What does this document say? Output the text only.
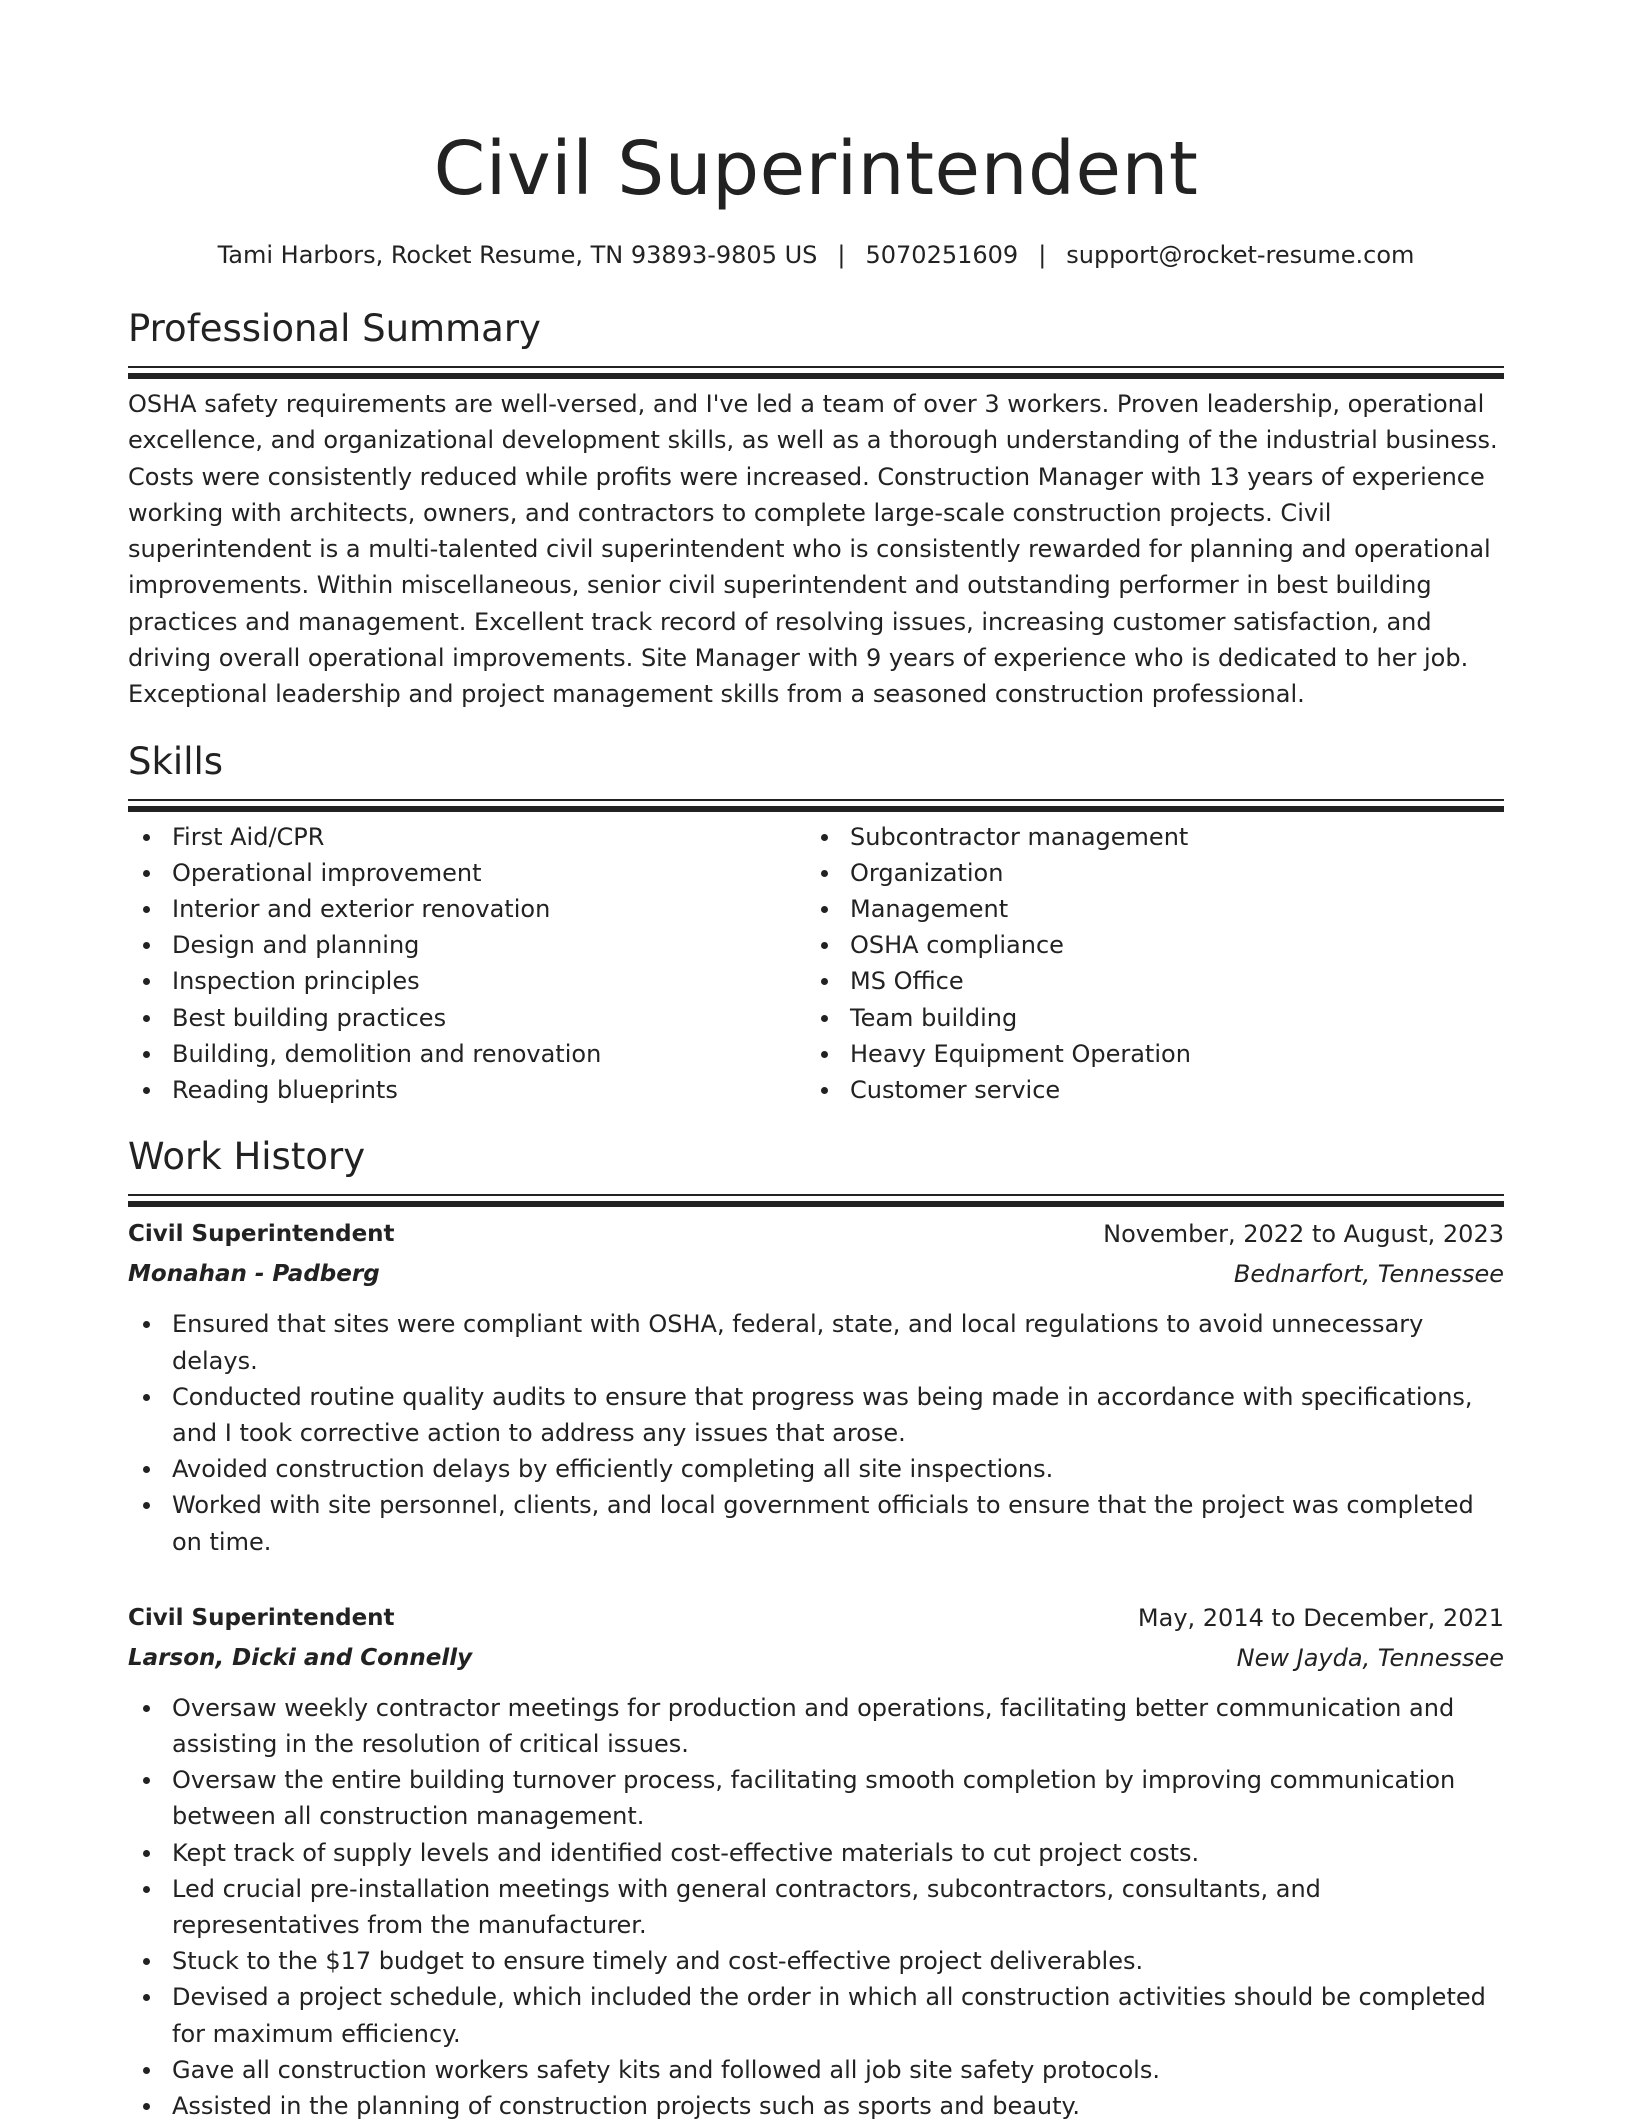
Civil Superintendent
Tami Harbors, Rocket Resume, TN 93893-9805 US | 5070251609 | support@rocket-resume.com
Professional Summary

OSHA safety requirements are well-versed, and I've led a team of over 3 workers. Proven leadership, operational excellence, and organizational development skills, as well as a thorough understanding of the industrial business. Costs were consistently reduced while profits were increased. Construction Manager with 13 years of experience working with architects, owners, and contractors to complete large-scale construction projects. Civil superintendent is a multi-talented civil superintendent who is consistently rewarded for planning and operational improvements. Within miscellaneous, senior civil superintendent and outstanding performer in best building practices and management. Excellent track record of resolving issues, increasing customer satisfaction, and driving overall operational improvements. Site Manager with 9 years of experience who is dedicated to her job. Exceptional leadership and project management skills from a seasoned construction professional.

Skills
First Aid/CPR
Operational improvement
Interior and exterior renovation
Design and planning
Inspection principles
Best building practices
Building, demolition and renovation
Reading blueprints
Subcontractor management
Organization
Management
OSHA compliance
MS Office
Team building
Heavy Equipment Operation
Customer service
Work History
Civil Superintendent	November, 2022 to August, 2023
Monahan - Padberg	Bednarfort, Tennessee
Ensured that sites were compliant with OSHA, federal, state, and local regulations to avoid unnecessary delays.
Conducted routine quality audits to ensure that progress was being made in accordance with specifications, and I took corrective action to address any issues that arose.
Avoided construction delays by efficiently completing all site inspections.
Worked with site personnel, clients, and local government officials to ensure that the project was completed on time.
Civil Superintendent	May, 2014 to December, 2021
Larson, Dicki and Connelly	New Jayda, Tennessee
Oversaw weekly contractor meetings for production and operations, facilitating better communication and assisting in the resolution of critical issues.
Oversaw the entire building turnover process, facilitating smooth completion by improving communication between all construction management.
Kept track of supply levels and identified cost-effective materials to cut project costs.
Led crucial pre-installation meetings with general contractors, subcontractors, consultants, and representatives from the manufacturer.
Stuck to the $17 budget to ensure timely and cost-effective project deliverables.
Devised a project schedule, which included the order in which all construction activities should be completed for maximum efficiency.
Gave all construction workers safety kits and followed all job site safety protocols.
Assisted in the planning of construction projects such as sports and beauty.
